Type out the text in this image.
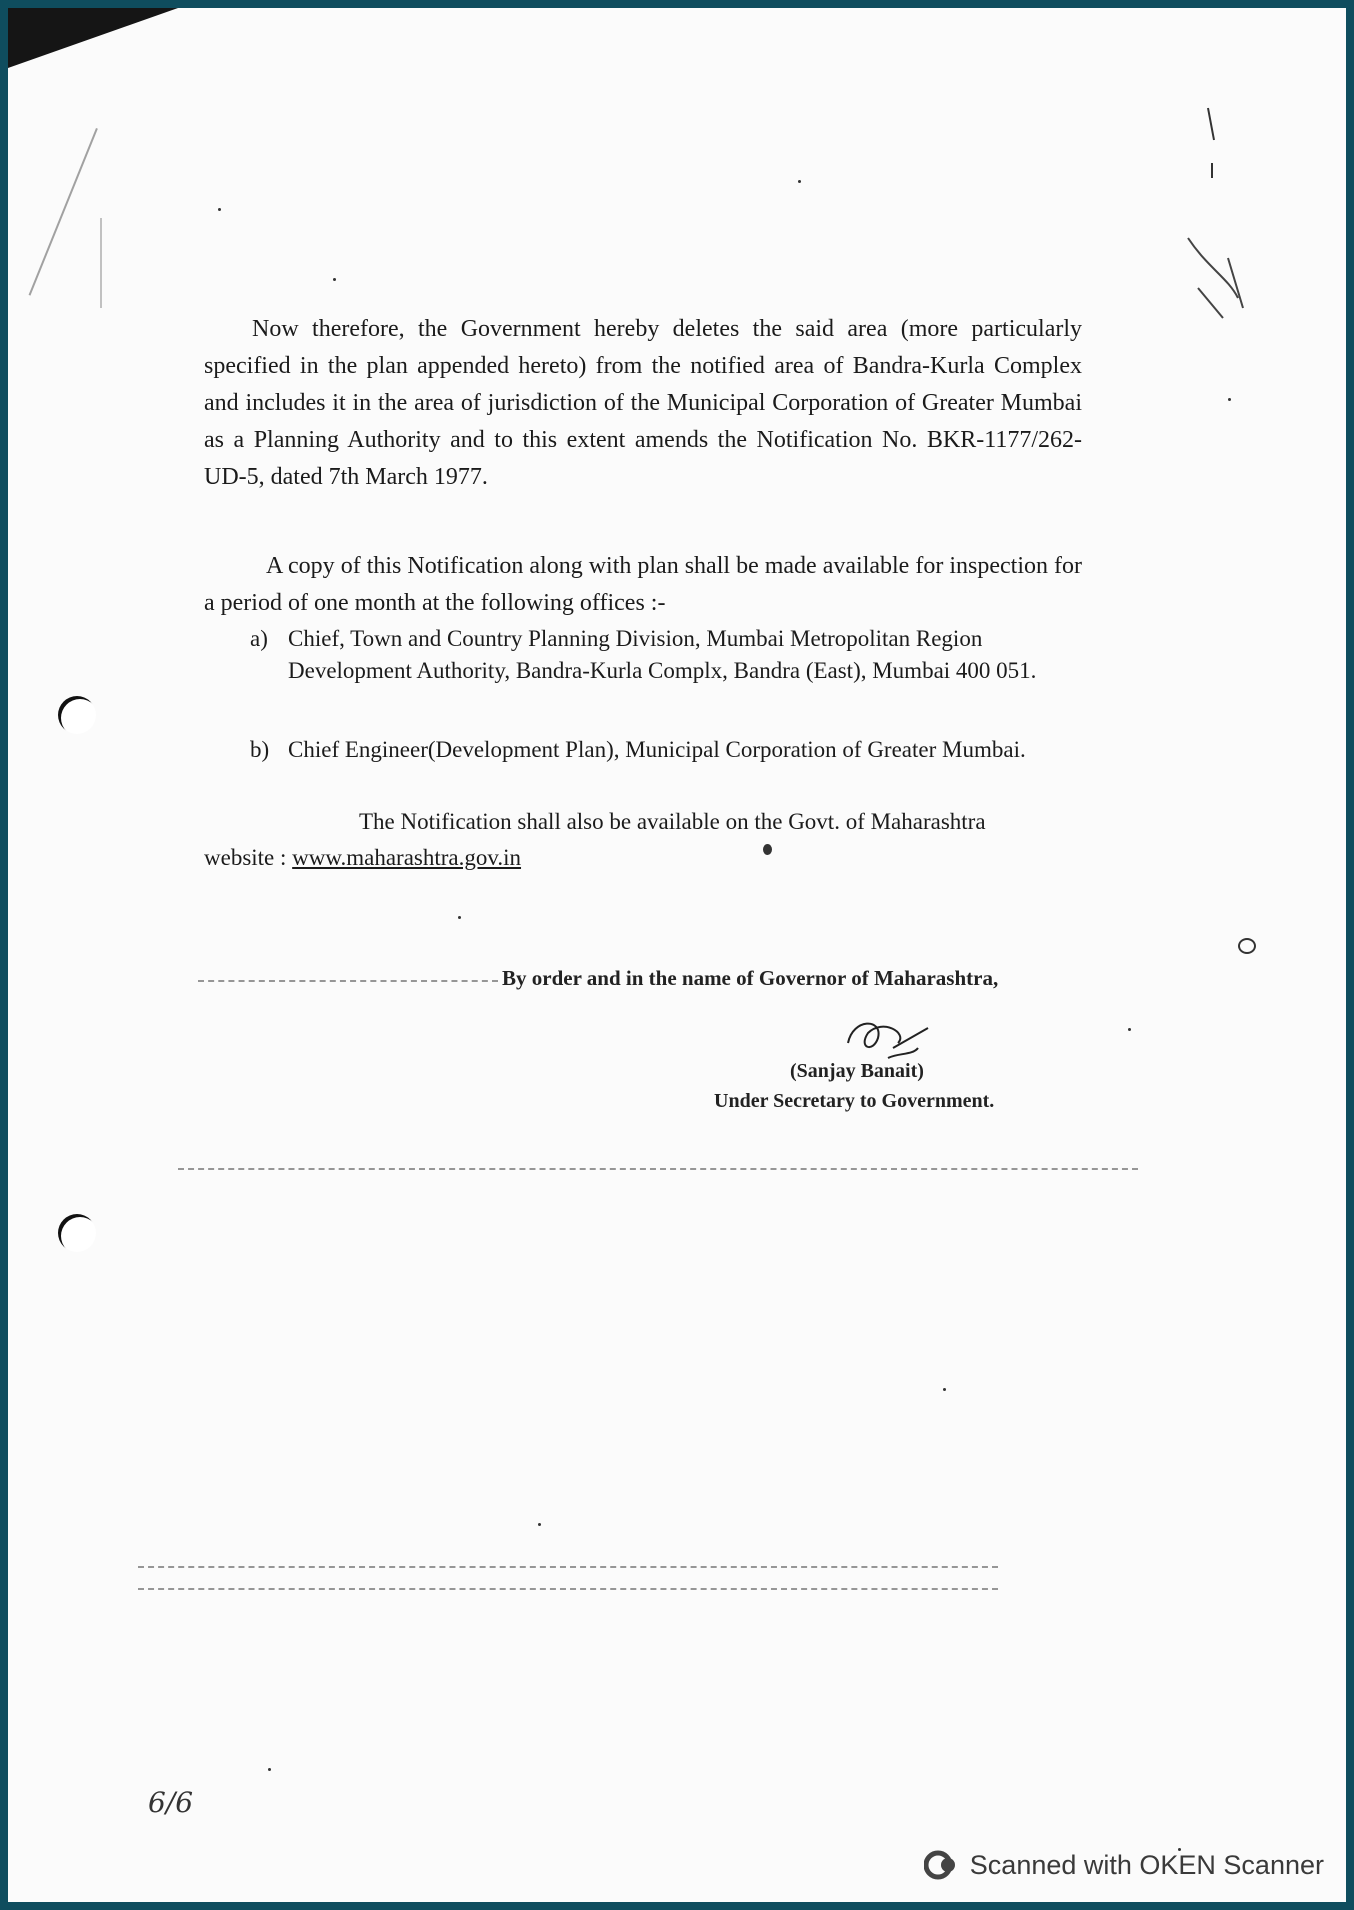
Now therefore, the Government hereby deletes the said area (more particularly specified in the plan appended hereto) from the notified area of Bandra-Kurla Complex and includes it in the area of jurisdiction of the Municipal Corporation of Greater Mumbai as a Planning Authority and to this extent amends the Notification No. BKR-1177/262-UD-5, dated 7th March 1977.

A copy of this Notification along with plan shall be made available for inspection for a period of one month at the following offices :-

a) Chief, Town and Country Planning Division, Mumbai Metropolitan Region Development Authority, Bandra-Kurla Complx, Bandra (East), Mumbai 400 051.
b) Chief Engineer(Development Plan), Municipal Corporation of Greater Mumbai.
The Notification shall also be available on the Govt. of Maharashtra
website : www.maharashtra.gov.in
By order and in the name of Governor of Maharashtra,
(Sanjay Banait)
Under Secretary to Government.
6/6
Scanned with OKEN Scanner
